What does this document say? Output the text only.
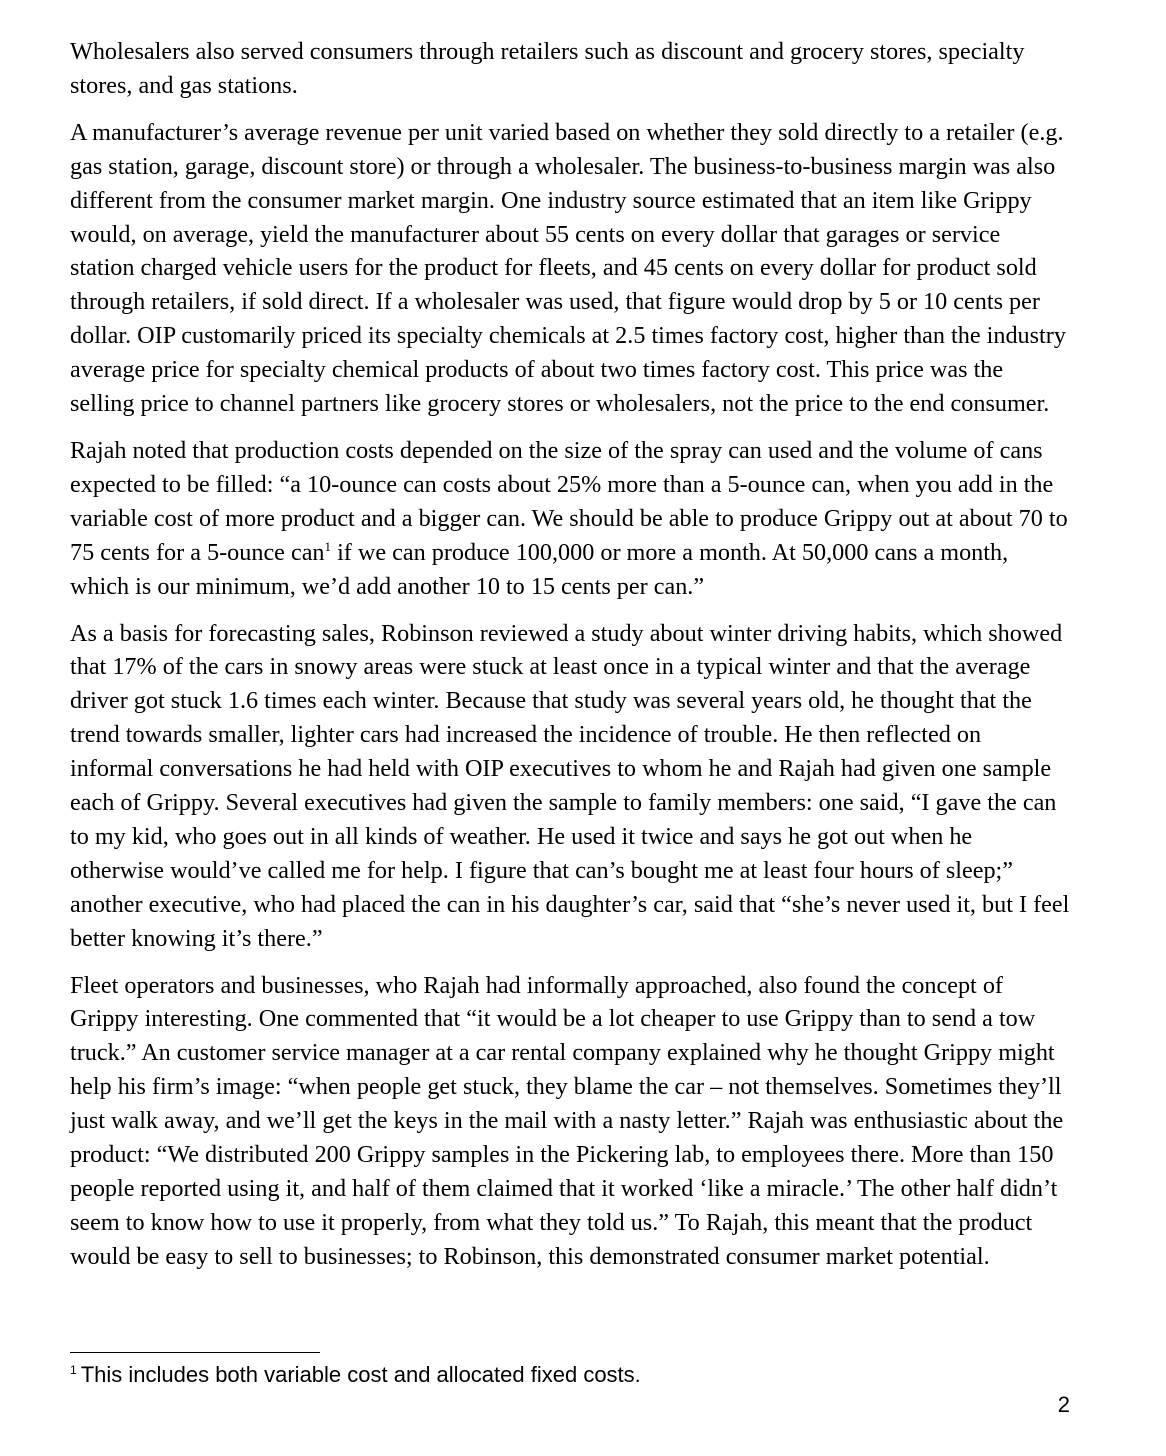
Wholesalers also served consumers through retailers such as discount and grocery stores, specialty stores, and gas stations.

A manufacturer’s average revenue per unit varied based on whether they sold directly to a retailer (e.g. gas station, garage, discount store) or through a wholesaler. The business-to-business margin was also different from the consumer market margin. One industry source estimated that an item like Grippy would, on average, yield the manufacturer about 55 cents on every dollar that garages or service station charged vehicle users for the product for fleets, and 45 cents on every dollar for product sold through retailers, if sold direct. If a wholesaler was used, that figure would drop by 5 or 10 cents per dollar. OIP customarily priced its specialty chemicals at 2.5 times factory cost, higher than the industry average price for specialty chemical products of about two times factory cost. This price was the selling price to channel partners like grocery stores or wholesalers, not the price to the end consumer.

Rajah noted that production costs depended on the size of the spray can used and the volume of cans expected to be filled: “a 10-ounce can costs about 25% more than a 5-ounce can, when you add in the variable cost of more product and a bigger can. We should be able to produce Grippy out at about 70 to 75 cents for a 5-ounce can$^1$ if we can produce 100,000 or more a month. At 50,000 cans a month, which is our minimum, we’d add another 10 to 15 cents per can.”

As a basis for forecasting sales, Robinson reviewed a study about winter driving habits, which showed that 17% of the cars in snowy areas were stuck at least once in a typical winter and that the average driver got stuck 1.6 times each winter. Because that study was several years old, he thought that the trend towards smaller, lighter cars had increased the incidence of trouble. He then reflected on informal conversations he had held with OIP executives to whom he and Rajah had given one sample each of Grippy. Several executives had given the sample to family members: one said, “I gave the can to my kid, who goes out in all kinds of weather. He used it twice and says he got out when he otherwise would’ve called me for help. I figure that can’s bought me at least four hours of sleep;” another executive, who had placed the can in his daughter’s car, said that “she’s never used it, but I feel better knowing it’s there.”

Fleet operators and businesses, who Rajah had informally approached, also found the concept of Grippy interesting. One commented that “it would be a lot cheaper to use Grippy than to send a tow truck.” An customer service manager at a car rental company explained why he thought Grippy might help his firm’s image: “when people get stuck, they blame the car – not themselves. Sometimes they’ll just walk away, and we’ll get the keys in the mail with a nasty letter.” Rajah was enthusiastic about the product: “We distributed 200 Grippy samples in the Pickering lab, to employees there. More than 150 people reported using it, and half of them claimed that it worked ‘like a miracle.’ The other half didn’t seem to know how to use it properly, from what they told us.” To Rajah, this meant that the product would be easy to sell to businesses; to Robinson, this demonstrated consumer market potential.

$^1$ This includes both variable cost and allocated fixed costs.
2
